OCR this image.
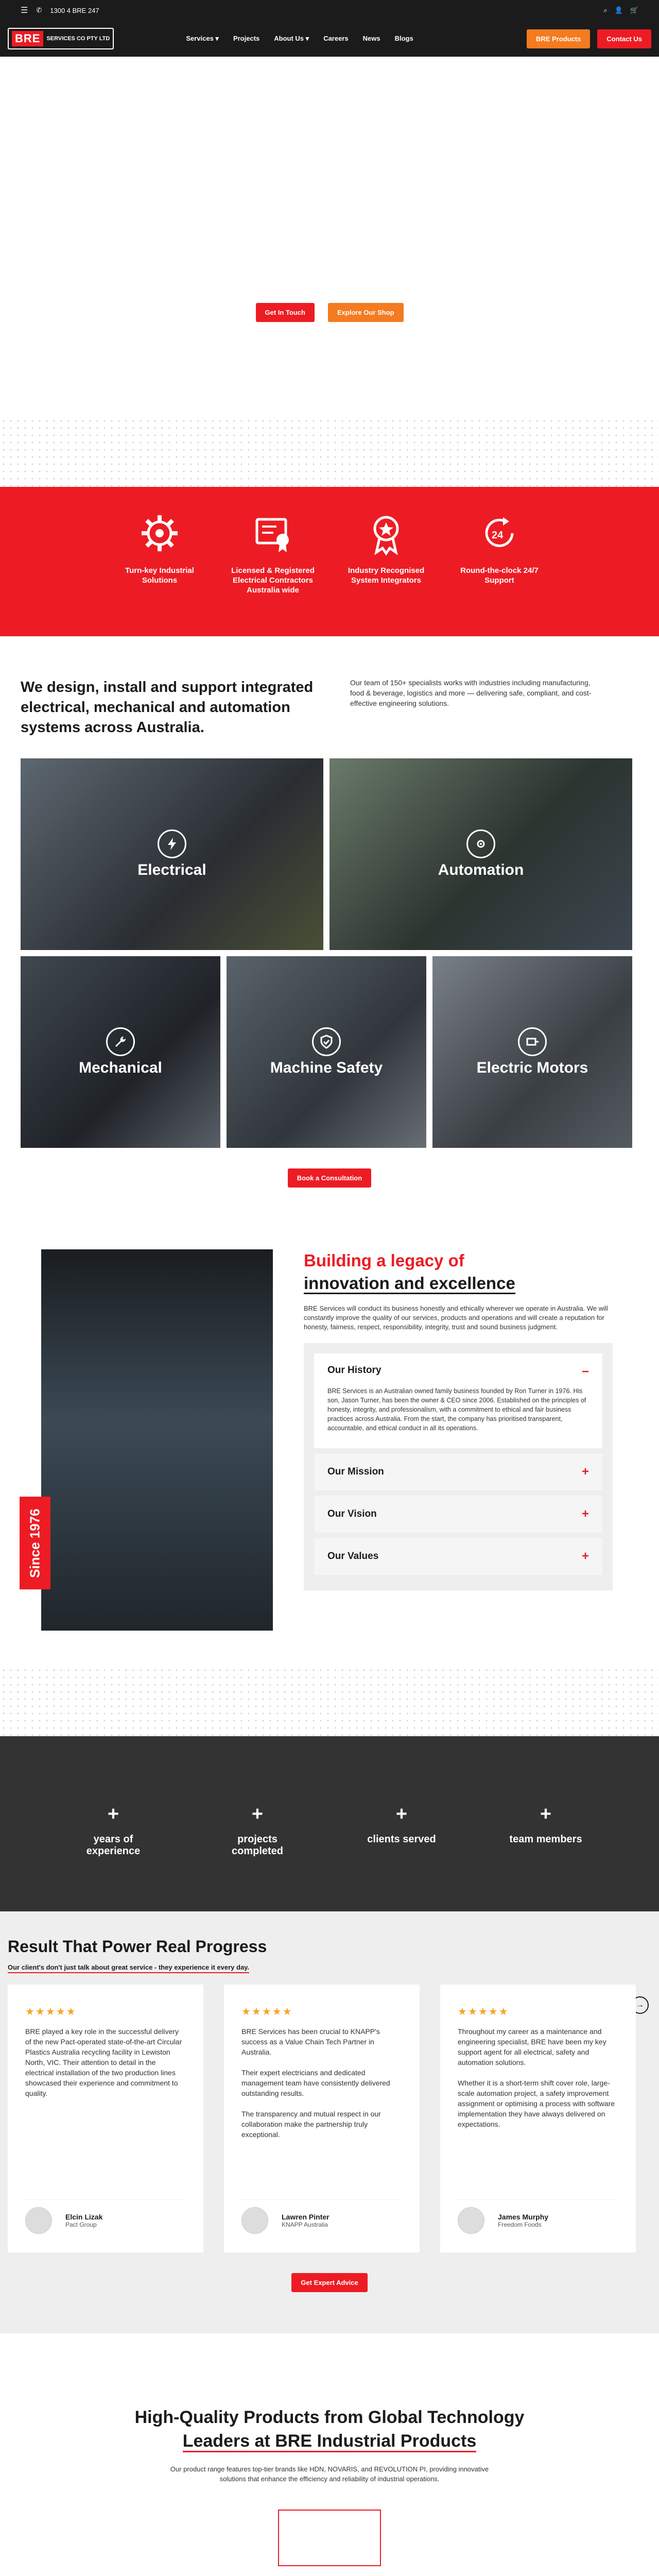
☰ ✆ 1300 4 BRE 247	⌕ 👤 🛒
BRE	SERVICES CO PTY LTD	Services ▾ Projects About Us ▾ Careers News Blogs	BRE Products	Contact Us
Get In Touch	Explore Our Shop
Turn-key Industrial Solutions
Licensed & Registered Electrical Contractors Australia wide
Industry Recognised System Integrators
24
Round-the-clock 24/7 Support
We design, install and support integrated electrical, mechanical and automation systems across Australia.

Our team of 150+ specialists works with industries including manufacturing, food & beverage, logistics and more — delivering safe, compliant, and cost-effective engineering solutions.

Electrical	Automation
Mechanical	Machine Safety	Electric Motors
Book a Consultation
Since 1976
Building a legacy of
innovation and excellence

BRE Services will conduct its business honestly and ethically wherever we operate in Australia. We will constantly improve the quality of our services, products and operations and will create a reputation for honesty, fairness, respect, responsibility, integrity, trust and sound business judgment.

Our History	−

BRE Services is an Australian owned family business founded by Ron Turner in 1976. His son, Jason Turner, has been the owner & CEO since 2006. Established on the principles of honesty, integrity, and professionalism, with a commitment to ethical and fair business practices across Australia. From the start, the company has prioritised transparent, accountable, and ethical conduct in all its operations.

Our Mission	+
Our Vision	+
Our Values	+
+
years of experience
+
projects completed
+
clients served
+
team members
Result That Power Real Progress
Our client's don't just talk about great service - they experience it every day.
→
★★★★★

BRE played a key role in the successful delivery of the new Pact-operated state-of-the-art Circular Plastics Australia recycling facility in Lewiston North, VIC. Their attention to detail in the electrical installation of the two production lines showcased their experience and commitment to quality.

Elcin Lizak
Pact Group
★★★★★

BRE Services has been crucial to KNAPP's success as a Value Chain Tech Partner in Australia.

Their expert electricians and dedicated management team have consistently delivered outstanding results.

The transparency and mutual respect in our collaboration make the partnership truly exceptional.

Lawren Pinter
KNAPP Australia
★★★★★

Throughout my career as a maintenance and engineering specialist, BRE have been my key support agent for all electrical, safety and automation solutions.

Whether it is a short-term shift cover role, large-scale automation project, a safety improvement assignment or optimising a process with software implementation they have always delivered on expectations.

James Murphy
Freedom Foods
Get Expert Advice
High-Quality Products from Global Technology
Leaders at BRE Industrial Products

Our product range features top-tier brands like HDN, NOVARIS, and REVOLUTION PI, providing innovative solutions that enhance the efficiency and reliability of industrial operations.
